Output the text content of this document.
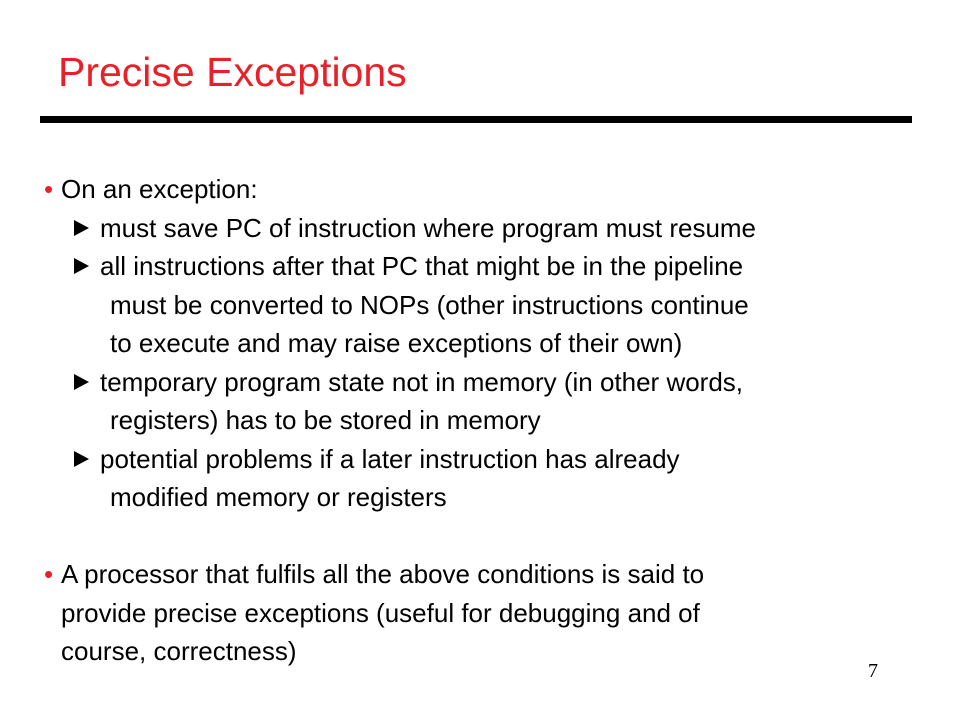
Precise Exceptions
• On an exception:
must save PC of instruction where program must resume
all instructions after that PC that might be in the pipeline
must be converted to NOPs (other instructions continue
to execute and may raise exceptions of their own)
temporary program state not in memory (in other words,
registers) has to be stored in memory
potential problems if a later instruction has already
modified memory or registers
• A processor that fulfils all the above conditions is said to
provide precise exceptions (useful for debugging and of
course, correctness)
7
